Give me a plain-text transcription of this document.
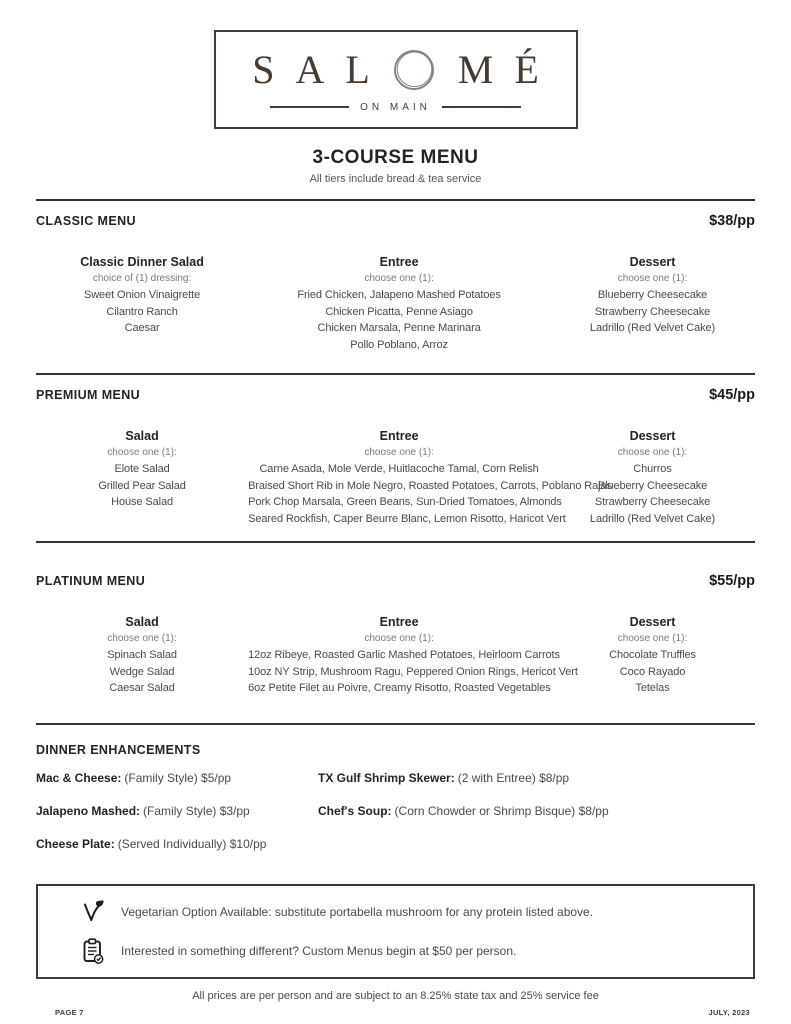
S A L M É
ON MAIN
3-COURSE MENU
All tiers include bread & tea service
CLASSIC MENU	$38/pp
Classic Dinner Salad
choice of (1) dressing:
Sweet Onion Vinaigrette
Cilantro Ranch
Caesar
Entree
choose one (1):
Fried Chicken, Jalapeno Mashed Potatoes
Chicken Picatta, Penne Asiago
Chicken Marsala, Penne Marinara
Pollo Poblano, Arroz
Dessert
choose one (1):
Blueberry Cheesecake
Strawberry Cheesecake
Ladrillo (Red Velvet Cake)
PREMIUM MENU	$45/pp
Salad
choose one (1):
Elote Salad
Grilled Pear Salad
House Salad
Entree
choose one (1):
Carne Asada, Mole Verde, Huitlacoche Tamal, Corn Relish
Braised Short Rib in Mole Negro, Roasted Potatoes, Carrots, Poblano Rajas
Pork Chop Marsala, Green Beans, Sun-Dried Tomatoes, Almonds
Seared Rockfish, Caper Beurre Blanc, Lemon Risotto, Haricot Vert
Dessert
choose one (1):
Churros
Blueberry Cheesecake
Strawberry Cheesecake
Ladrillo (Red Velvet Cake)
PLATINUM MENU	$55/pp
Salad
choose one (1):
Spinach Salad
Wedge Salad
Caesar Salad
Entree
choose one (1):
12oz Ribeye, Roasted Garlic Mashed Potatoes, Heirloom Carrots
10oz NY Strip, Mushroom Ragu, Peppered Onion Rings, Hericot Vert
6oz Petite Filet au Poivre, Creamy Risotto, Roasted Vegetables
Dessert
choose one (1):
Chocolate Truffles
Coco Rayado
Tetelas
DINNER ENHANCEMENTS
Mac & Cheese: (Family Style) $5/pp
Jalapeno Mashed: (Family Style) $3/pp
Cheese Plate: (Served Individually) $10/pp
TX Gulf Shrimp Skewer: (2 with Entree) $8/pp
Chef's Soup: (Corn Chowder or Shrimp Bisque) $8/pp
Vegetarian Option Available: substitute portabella mushroom for any protein listed above.
Interested in something different? Custom Menus begin at $50 per person.
All prices are per person and are subject to an 8.25% state tax and 25% service fee
PAGE 7	JULY, 2023
